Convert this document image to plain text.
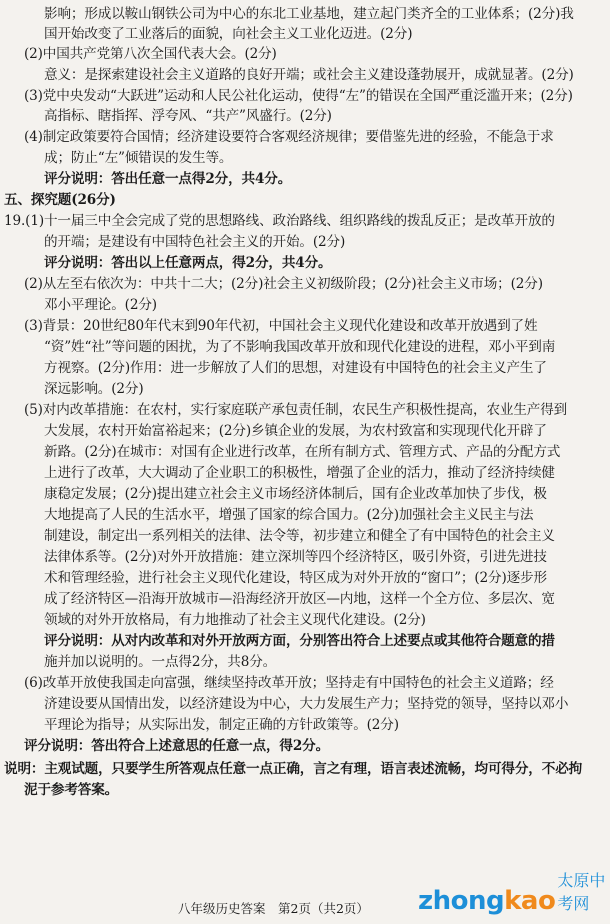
影响；形成以鞍山钢铁公司为中心的东北工业基地，建立起门类齐全的工业体系；(2分)我
国开始改变了工业落后的面貌，向社会主义工业化迈进。(2分)
(2)中国共产党第八次全国代表大会。(2分)
意义：是探索建设社会主义道路的良好开端；或社会主义建设蓬勃展开，成就显著。(2分)
(3)党中央发动“大跃进”运动和人民公社化运动，使得“左”的错误在全国严重泛滥开来；(2分)
高指标、瞎指挥、浮夸风、“共产”风盛行。(2分)
(4)制定政策要符合国情；经济建设要符合客观经济规律；要借鉴先进的经验，不能急于求
成；防止“左”倾错误的发生等。
评分说明：答出任意一点得2分，共4分。
五、探究题(26分)
19.(1)十一届三中全会完成了党的思想路线、政治路线、组织路线的拨乱反正；是改革开放的
的开端；是建设有中国特色社会主义的开始。(2分)
评分说明：答出以上任意两点，得2分，共4分。
(2)从左至右依次为：中共十二大；(2分)社会主义初级阶段；(2分)社会主义市场；(2分)
邓小平理论。(2分)
(3)背景：20世纪80年代末到90年代初，中国社会主义现代化建设和改革开放遇到了姓
“资”姓“社”等问题的困扰，为了不影响我国改革开放和现代化建设的进程，邓小平到南
方视察。(2分)作用：进一步解放了人们的思想，对建设有中国特色的社会主义产生了
深远影响。(2分)
(5)对内改革措施：在农村，实行家庭联产承包责任制，农民生产积极性提高，农业生产得到
大发展，农村开始富裕起来；(2分)乡镇企业的发展，为农村致富和实现现代化开辟了
新路。(2分)在城市：对国有企业进行改革，在所有制方式、管理方式、产品的分配方式
上进行了改革，大大调动了企业职工的积极性，增强了企业的活力，推动了经济持续健
康稳定发展；(2分)提出建立社会主义市场经济体制后，国有企业改革加快了步伐，极
大地提高了人民的生活水平，增强了国家的综合国力。(2分)加强社会主义民主与法
制建设，制定出一系列相关的法律、法令等，初步建立和健全了有中国特色的社会主义
法律体系等。(2分)对外开放措施：建立深圳等四个经济特区，吸引外资，引进先进技
术和管理经验，进行社会主义现代化建设，特区成为对外开放的“窗口”；(2分)逐步形
成了经济特区—沿海开放城市—沿海经济开放区—内地，这样一个全方位、多层次、宽
领域的对外开放格局，有力地推动了社会主义现代化建设。(2分)
评分说明：从对内改革和对外开放两方面，分别答出符合上述要点或其他符合题意的措
施并加以说明的。一点得2分，共8分。
(6)改革开放使我国走向富强，继续坚持改革开放；坚持走有中国特色的社会主义道路；经
济建设要从国情出发，以经济建设为中心，大力发展生产力；坚持党的领导，坚持以邓小
平理论为指导；从实际出发，制定正确的方针政策等。(2分)
评分说明：答出符合上述意思的任意一点，得2分。
说明：主观试题，只要学生所答观点任意一点正确，言之有理，语言表述流畅，均可得分，不必拘
泥于参考答案。
八年级历史答案　第2页（共2页） zhong kao
太原中考网
